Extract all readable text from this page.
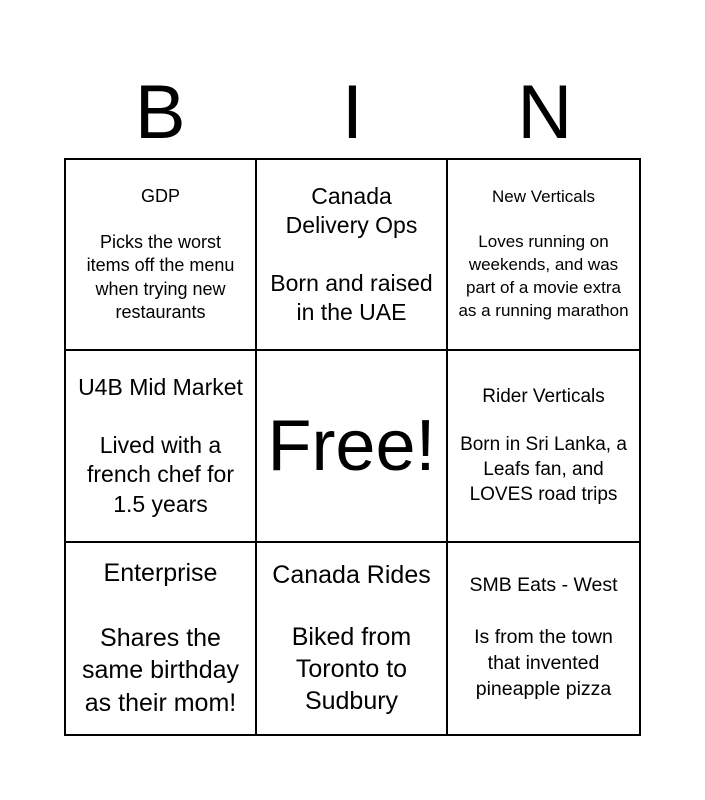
B	I	N
GDP
Picks the worst items off the menu when trying new restaurants
Canada Delivery Ops
Born and raised in the UAE
New Verticals
Loves running on weekends, and was part of a movie extra as a running marathon
U4B Mid Market
Lived with a french chef for 1.5 years
Free!
Rider Verticals
Born in Sri Lanka, a Leafs fan, and LOVES road trips
Enterprise
Shares the same birthday as their mom!
Canada Rides
Biked from Toronto to Sudbury
SMB Eats - West
Is from the town that invented pineapple pizza
